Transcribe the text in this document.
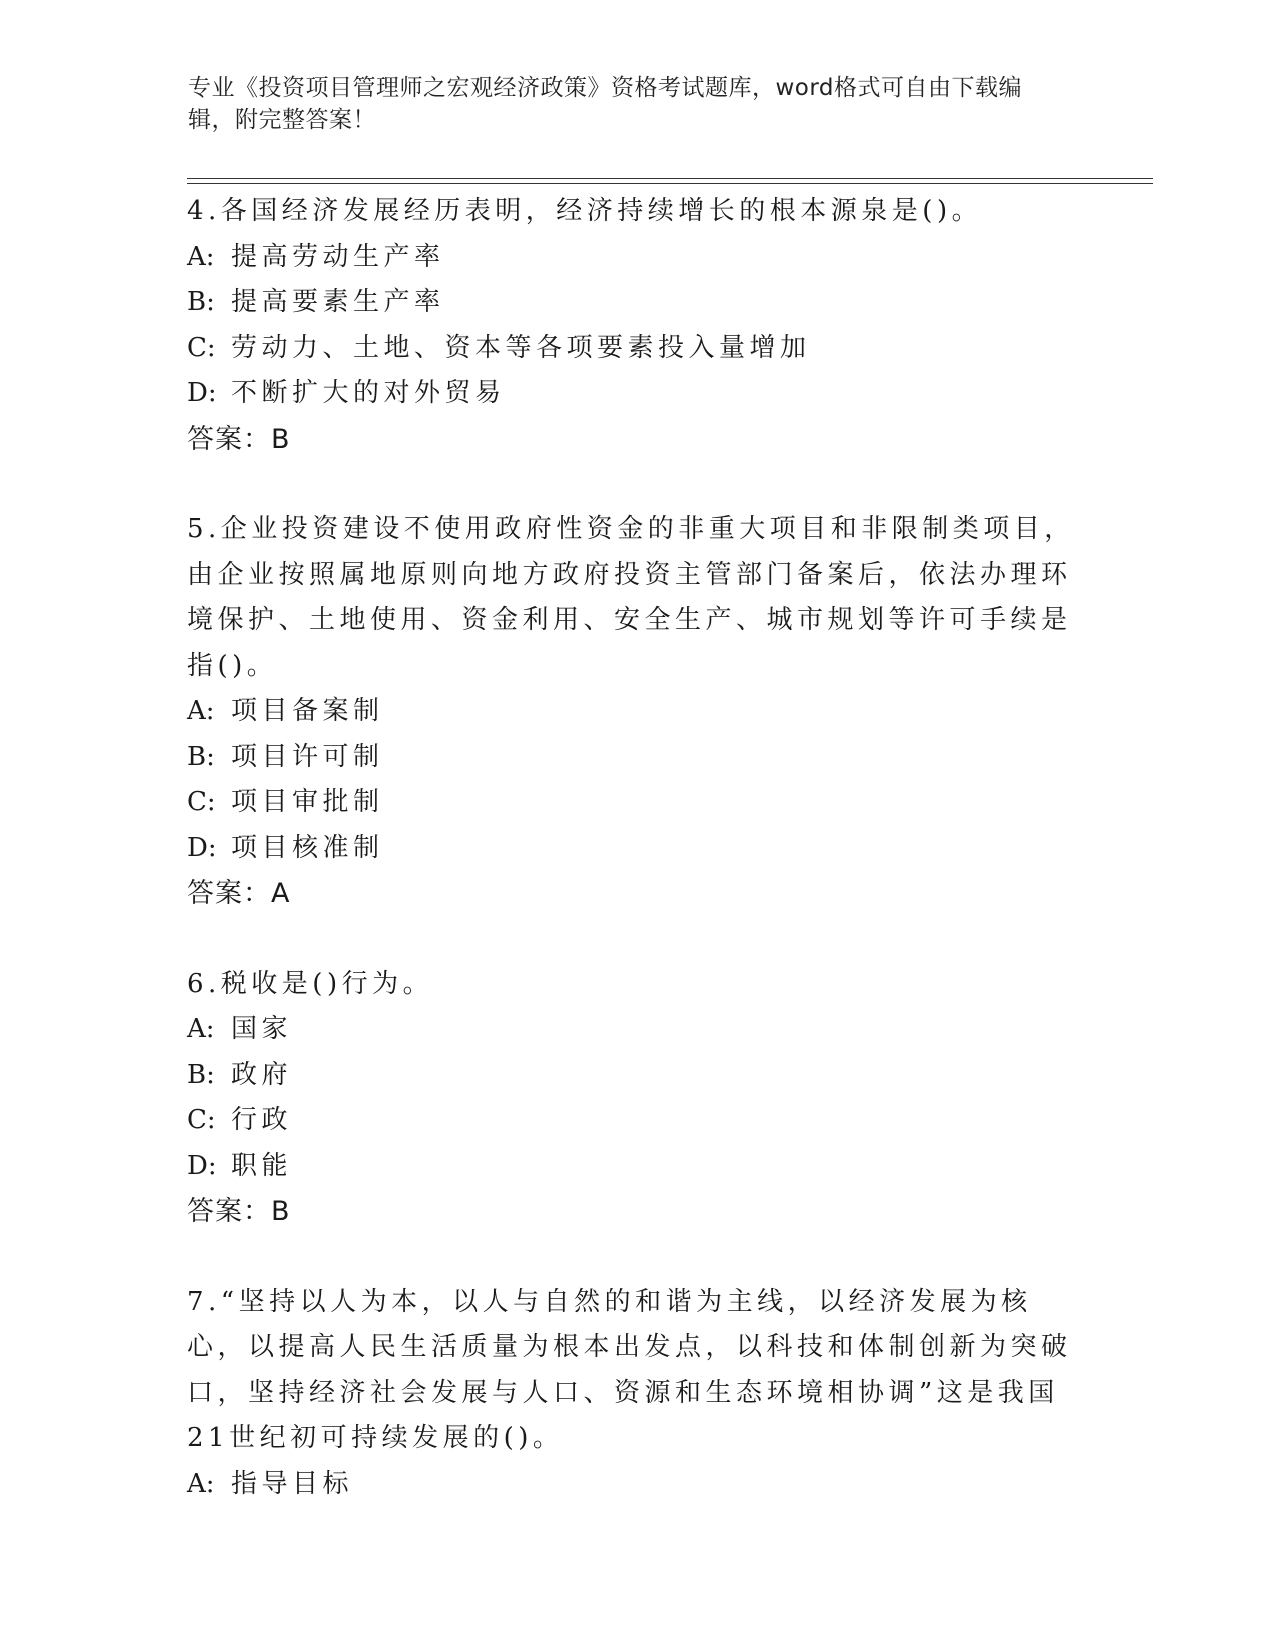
专业《投资项目管理师之宏观经济政策》资格考试题库，word格式可自由下载编辑，附完整答案！

4.各国经济发展经历表明，经济持续增长的根本源泉是()。

A: 提高劳动生产率

B: 提高要素生产率

C: 劳动力、土地、资本等各项要素投入量增加

D: 不断扩大的对外贸易

答案：B

5.企业投资建设不使用政府性资金的非重大项目和非限制类项目，由企业按照属地原则向地方政府投资主管部门备案后，依法办理环境保护、土地使用、资金利用、安全生产、城市规划等许可手续是指()。

A: 项目备案制

B: 项目许可制

C: 项目审批制

D: 项目核准制

答案：A

6.税收是()行为。

A: 国家

B: 政府

C: 行政

D: 职能

答案：B

7.“坚持以人为本，以人与自然的和谐为主线，以经济发展为核心，以提高人民生活质量为根本出发点，以科技和体制创新为突破口，坚持经济社会发展与人口、资源和生态环境相协调”这是我国21世纪初可持续发展的()。

A: 指导目标
